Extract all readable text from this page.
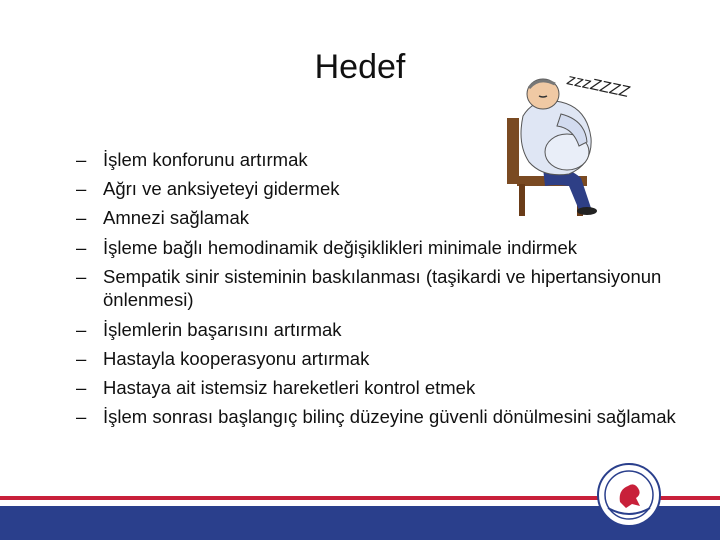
Hedef
– İşlem konforunu artırmak
– Ağrı ve anksiyeteyi gidermek
– Amnezi sağlamak
– İşleme bağlı hemodinamik değişiklikleri minimale indirmek
– Sempatik sinir sisteminin baskılanması (taşikardi ve hipertansiyonun önlenmesi)
– İşlemlerin başarısını artırmak
– Hastayla kooperasyonu artırmak
– Hastaya ait istemsiz hareketleri kontrol etmek
– İşlem sonrası başlangıç bilinç düzeyine güvenli dönülmesini sağlamak
zzzZZZZ
